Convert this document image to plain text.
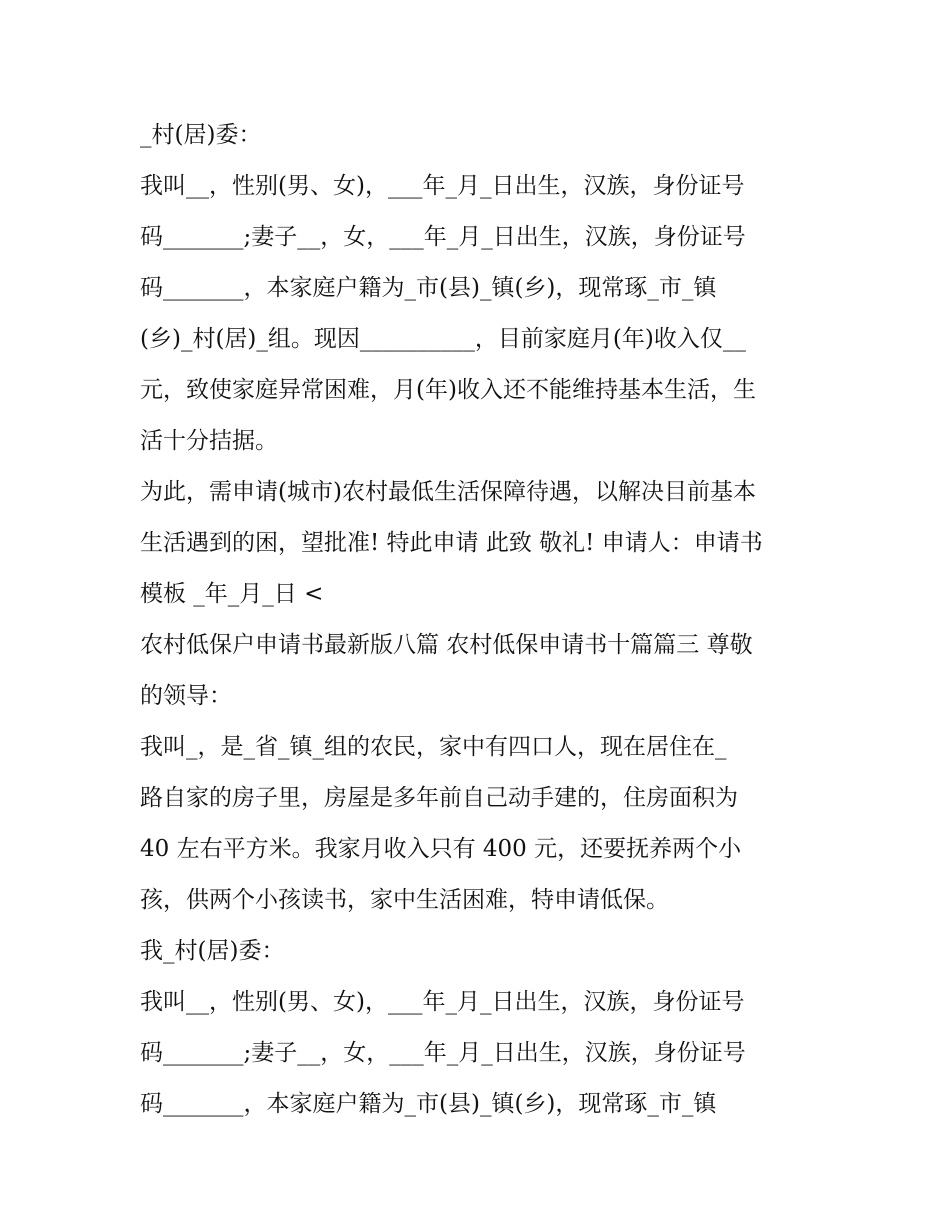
_村(居)委：
我叫__，性别(男、女)，___年_月_日出生，汉族，身份证号
码_______;妻子__，女，___年_月_日出生，汉族，身份证号
码_______，本家庭户籍为_市(县)_镇(乡)，现常琢_市_镇
(乡)_村(居)_组。现因__________，目前家庭月(年)收入仅__
元，致使家庭异常困难，月(年)收入还不能维持基本生活，生
活十分拮据。
为此，需申请(城市)农村最低生活保障待遇，以解决目前基本
生活遇到的困，望批准! 特此申请 此致 敬礼! 申请人：申请书
模板 _年_月_日 <
农村低保户申请书最新版八篇 农村低保申请书十篇篇三 尊敬
的领导：
我叫_，是_省_镇_组的农民，家中有四口人，现在居住在_
路自家的房子里，房屋是多年前自己动手建的，住房面积为
40 左右平方米。我家月收入只有 400 元，还要抚养两个小
孩，供两个小孩读书，家中生活困难，特申请低保。
我_村(居)委：
我叫__，性别(男、女)，___年_月_日出生，汉族，身份证号
码_______;妻子__，女，___年_月_日出生，汉族，身份证号
码_______，本家庭户籍为_市(县)_镇(乡)，现常琢_市_镇
